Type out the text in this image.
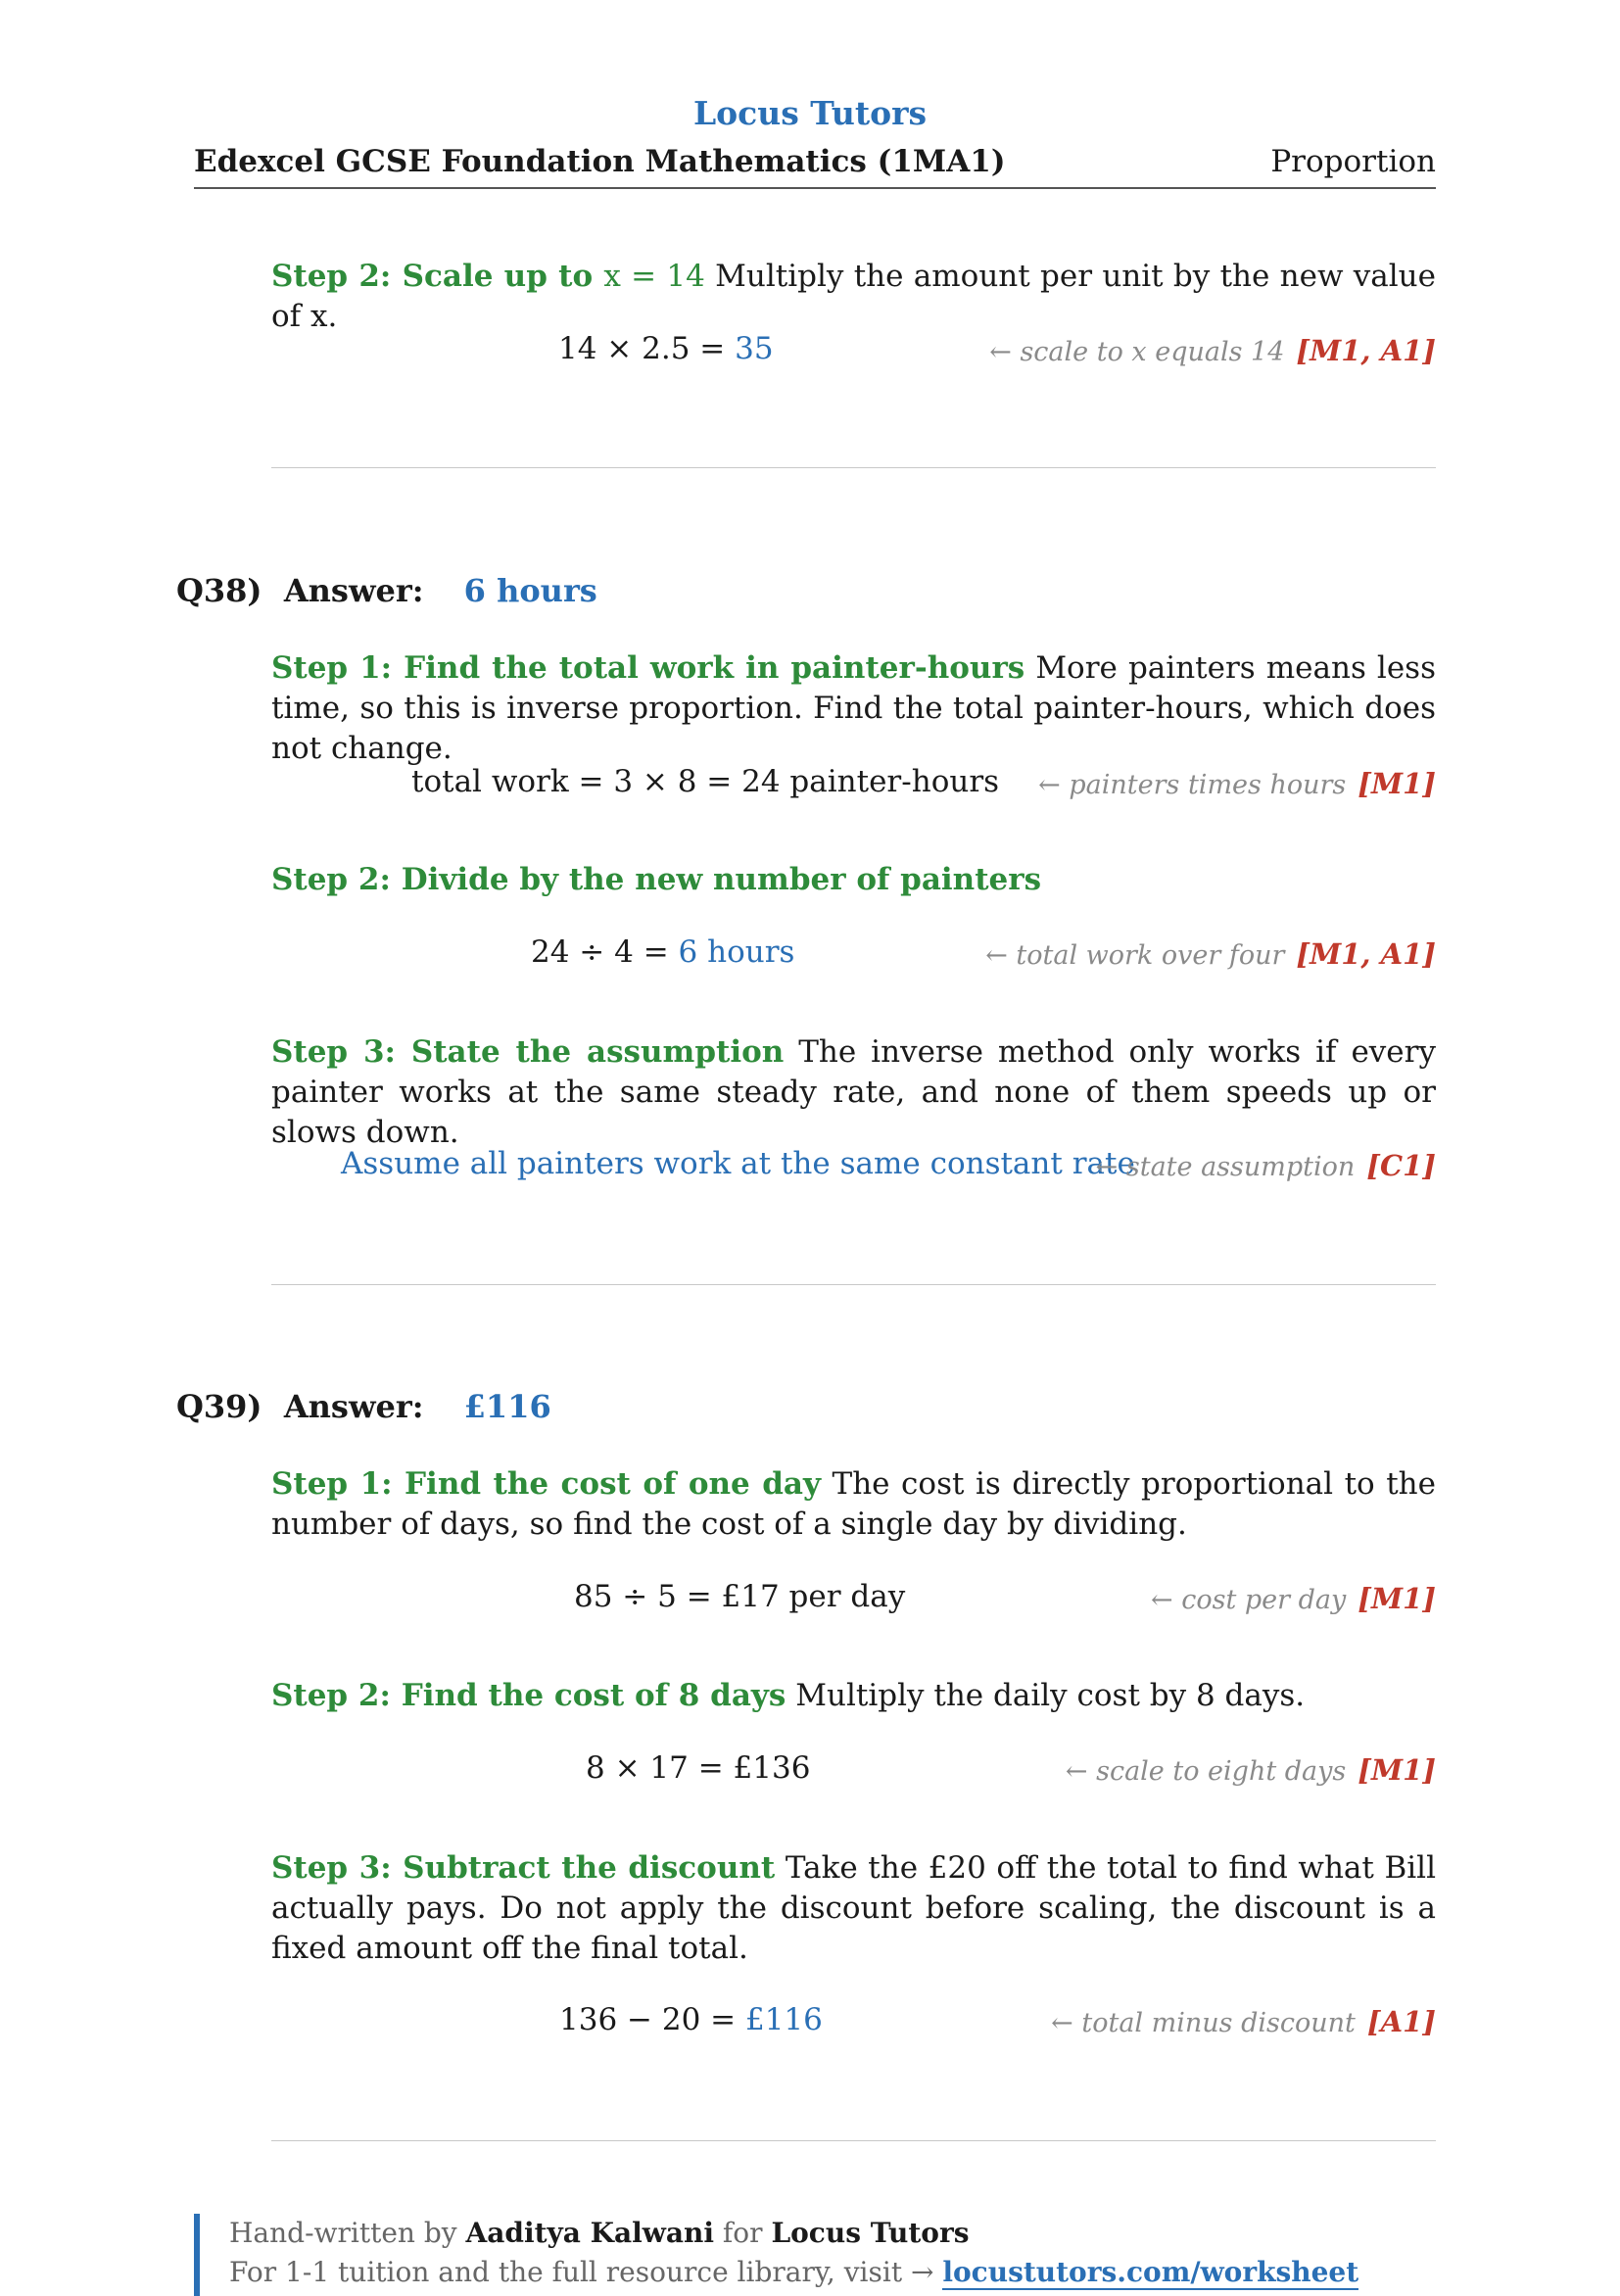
Locus Tutors
Edexcel GCSE Foundation Mathematics (1MA1)	Proportion
Step 2: Scale up to x = 14 Multiply the amount per unit by the new value of x.
14 × 2.5 = 35	← scale to x equals 14 [M1, A1]
Q38) Answer: 6 hours
Step 1: Find the total work in painter-hours More painters means less time, so this is inverse proportion. Find the total painter-hours, which does not change.
total work = 3 × 8 = 24 painter-hours ← painters times hours [M1]
Step 2: Divide by the new number of painters
24 ÷ 4 = 6 hours	← total work over four [M1, A1]
Step 3: State the assumption The inverse method only works if every painter works at the same steady rate, and none of them speeds up or slows down.
Assume all painters work at the same constant rate
← state assumption [C1]
Q39) Answer: £116
Step 1: Find the cost of one day The cost is directly proportional to the number of days, so find the cost of a single day by dividing.
85 ÷ 5 = £17 per day	← cost per day [M1]
Step 2: Find the cost of 8 days Multiply the daily cost by 8 days.
8 × 17 = £136	← scale to eight days [M1]
Step 3: Subtract the discount Take the £20 off the total to find what Bill actually pays. Do not apply the discount before scaling, the discount is a fixed amount off the final total.
136 − 20 = £116	← total minus discount [A1]
Hand-written by Aaditya Kalwani for Locus Tutors
For 1-1 tuition and the full resource library, visit → locustutors.com/worksheet
